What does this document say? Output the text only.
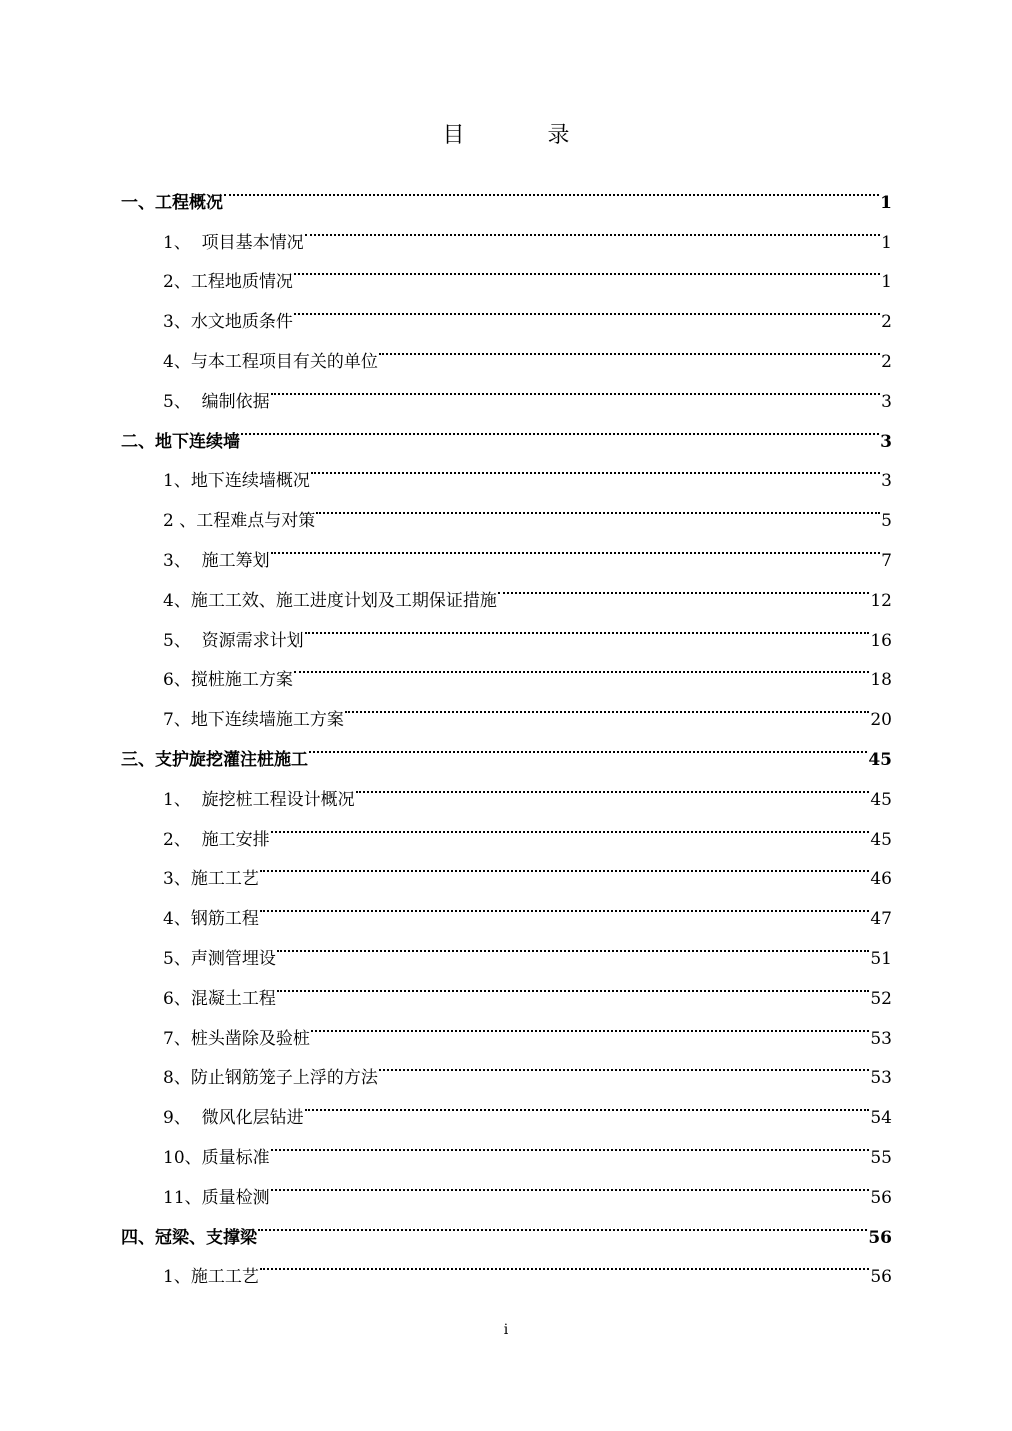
目 录
一、工程概况	1
1、  项目基本情况	1
2、工程地质情况	1
3、水文地质条件	2
4、与本工程项目有关的单位	2
5、  编制依据	3
二、地下连续墙	3
1、地下连续墙概况	3
2 、工程难点与对策	5
3、  施工筹划	7
4、施工工效、施工进度计划及工期保证措施	12
5、  资源需求计划	16
6、搅桩施工方案	18
7、地下连续墙施工方案	20
三、支护旋挖灌注桩施工	45
1、  旋挖桩工程设计概况	45
2、  施工安排	45
3、施工工艺	46
4、钢筋工程	47
5、声测管埋设	51
6、混凝土工程	52
7、桩头凿除及验桩	53
8、防止钢筋笼子上浮的方法	53
9、  微风化层钻进	54
10、质量标准	55
11、质量检测	56
四、冠梁、支撑梁	56
1、施工工艺	56
i
